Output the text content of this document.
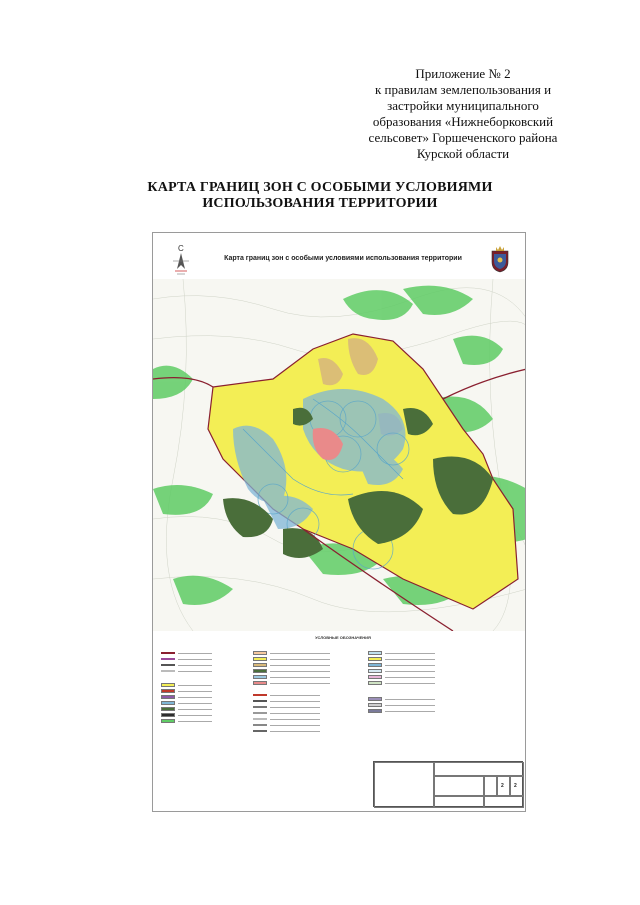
Приложение № 2
к правилам землепользования и
застройки муниципального
образования «Нижнеборковский
сельсовет» Горшеченского района
Курской области
КАРТА ГРАНИЦ ЗОН С ОСОБЫМИ УСЛОВИЯМИ
ИСПОЛЬЗОВАНИЯ ТЕРРИТОРИИ
С
Карта границ зон с особыми условиями использования территории
УСЛОВНЫЕ ОБОЗНАЧЕНИЯ
2 2
